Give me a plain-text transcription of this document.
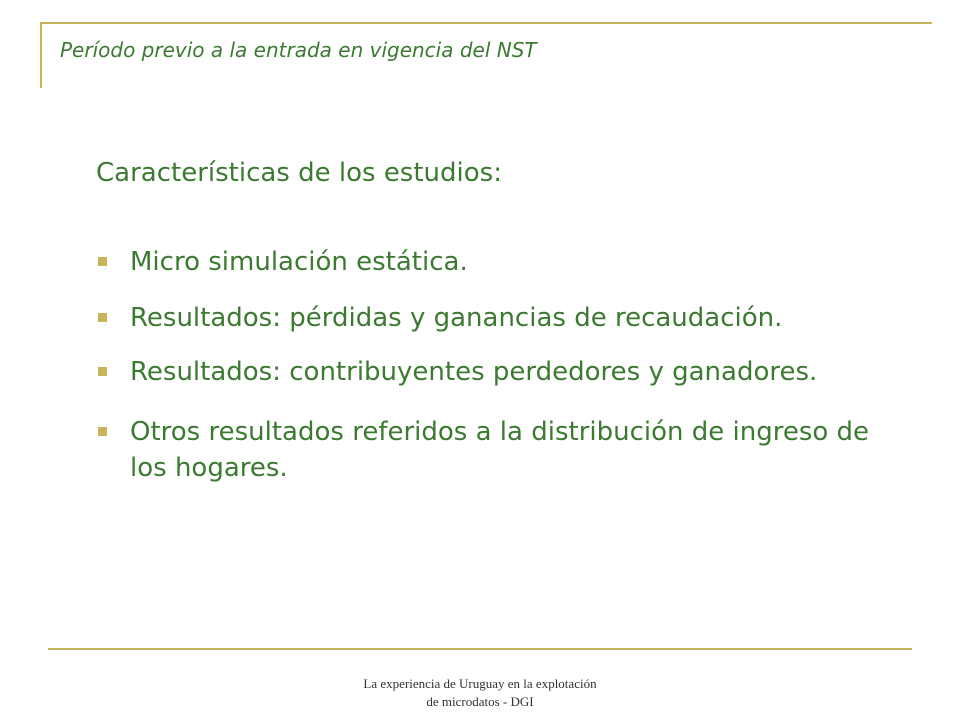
Período previo a la entrada en vigencia del NST
Características de los estudios:
Micro simulación estática.
Resultados: pérdidas y ganancias de recaudación.
Resultados: contribuyentes perdedores y ganadores.
Otros resultados referidos a la distribución de ingreso de los hogares.
La experiencia de Uruguay en la explotación
de microdatos - DGI
